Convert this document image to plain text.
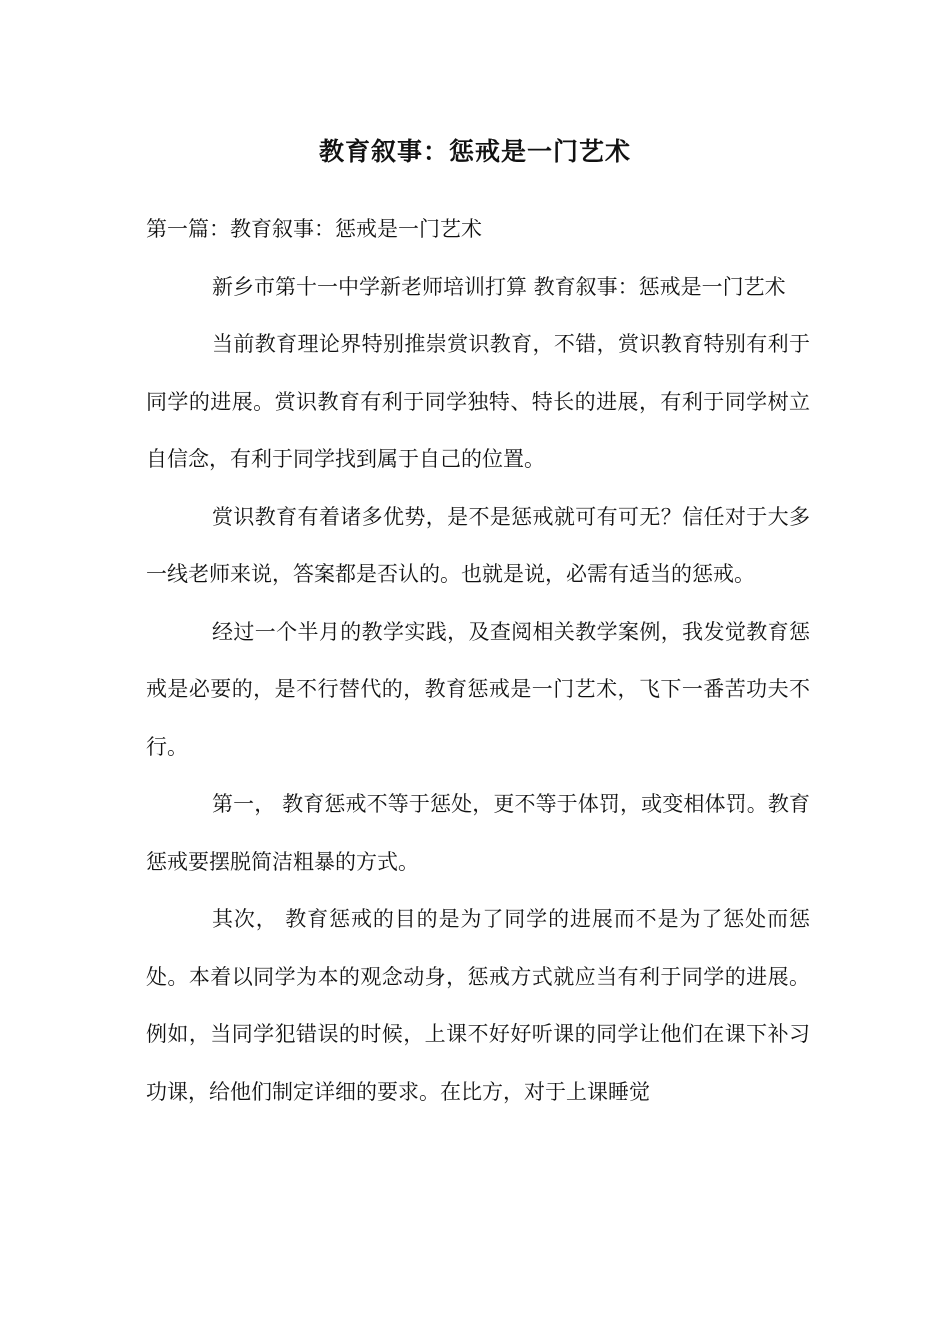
教育叙事：惩戒是一门艺术

第一篇：教育叙事：惩戒是一门艺术

新乡市第十一中学新老师培训打算 教育叙事：惩戒是一门艺术

当前教育理论界特别推崇赏识教育，不错，赏识教育特别有利于同学的进展。赏识教育有利于同学独特、特长的进展，有利于同学树立自信念，有利于同学找到属于自己的位置。

赏识教育有着诸多优势，是不是惩戒就可有可无？信任对于大多一线老师来说，答案都是否认的。也就是说，必需有适当的惩戒。

经过一个半月的教学实践，及查阅相关教学案例，我发觉教育惩戒是必要的，是不行替代的，教育惩戒是一门艺术，飞下一番苦功夫不行。

第一， 教育惩戒不等于惩处，更不等于体罚，或变相体罚。教育惩戒要摆脱简洁粗暴的方式。

其次， 教育惩戒的目的是为了同学的进展而不是为了惩处而惩处。本着以同学为本的观念动身，惩戒方式就应当有利于同学的进展。例如，当同学犯错误的时候，上课不好好听课的同学让他们在课下补习功课，给他们制定详细的要求。在比方，对于上课睡觉
